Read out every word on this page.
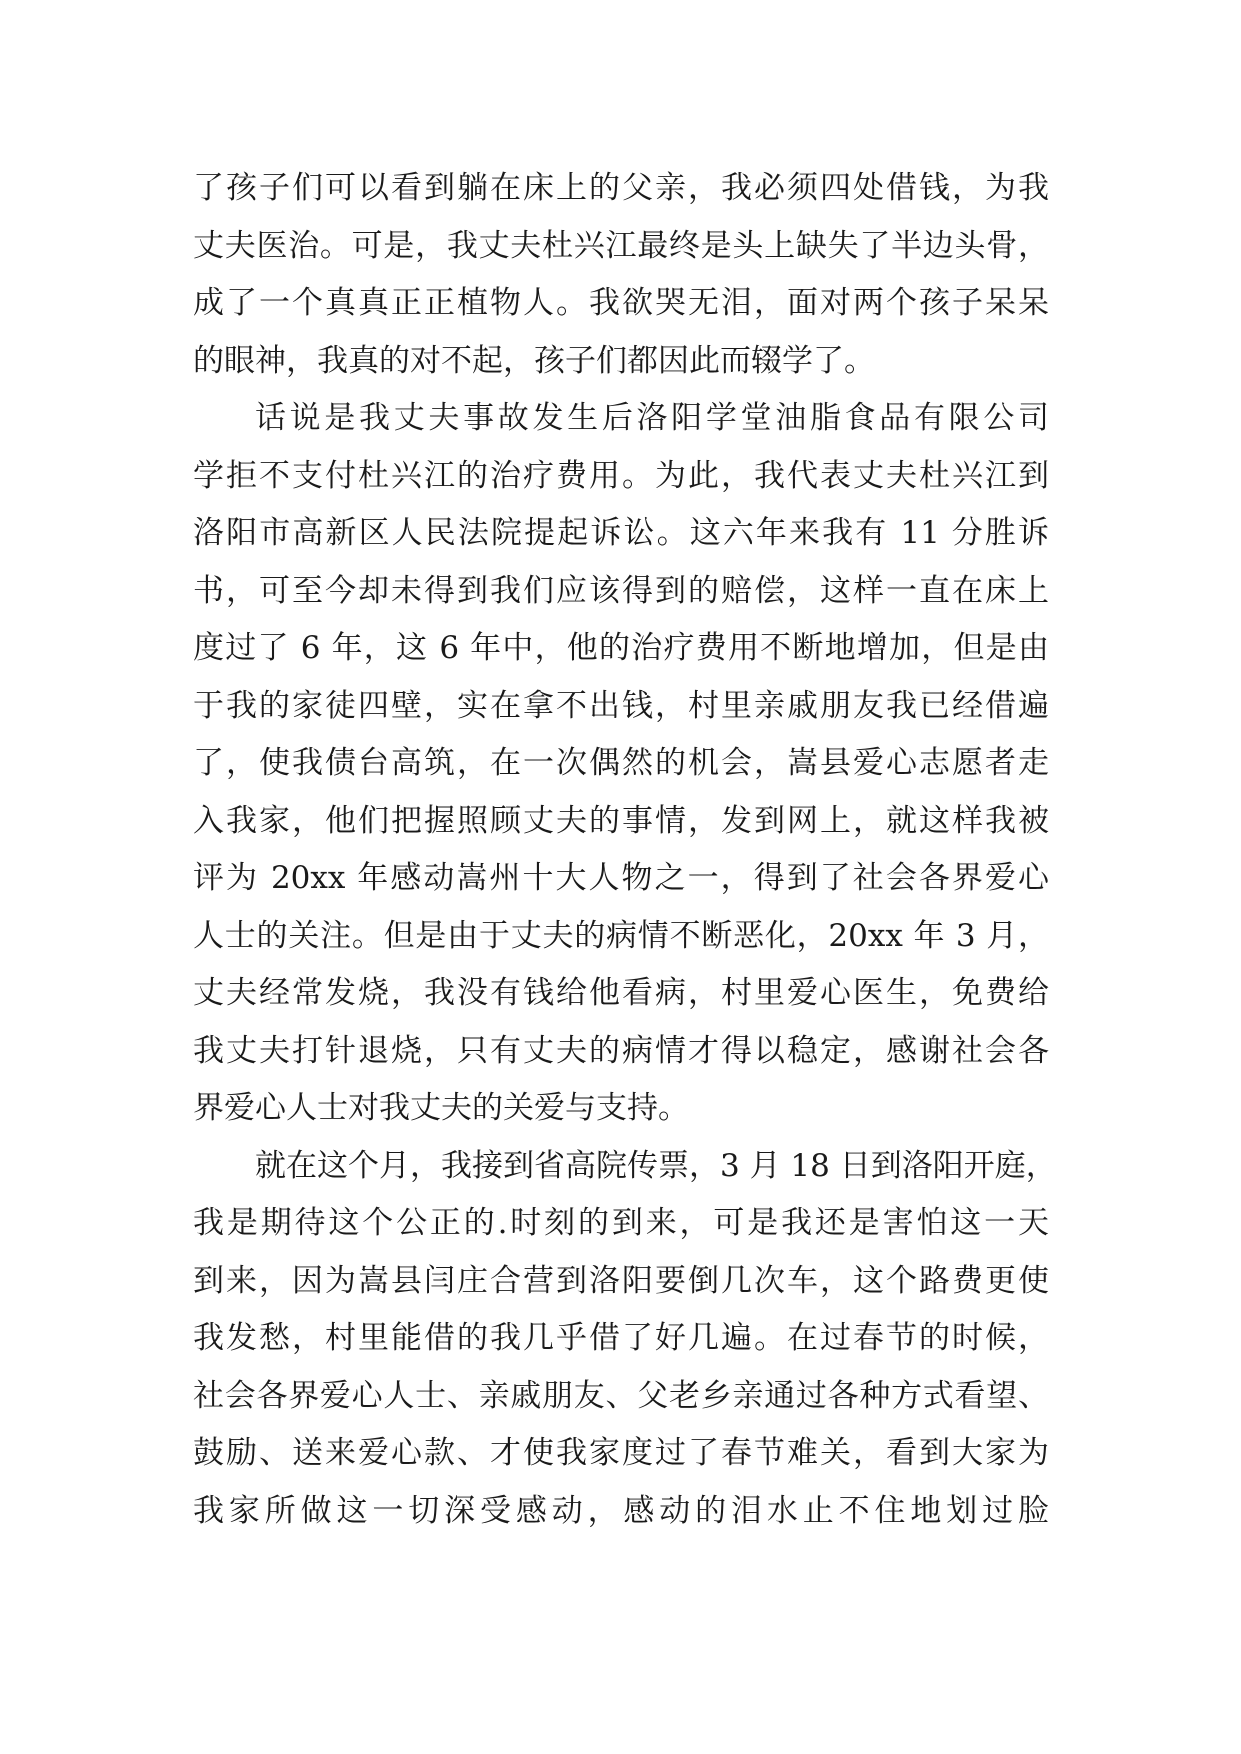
了孩子们可以看到躺在床上的父亲，我必须四处借钱，为我
丈夫医治。可是，我丈夫杜兴江最终是头上缺失了半边头骨，
成了一个真真正正植物人。我欲哭无泪，面对两个孩子呆呆
的眼神，我真的对不起，孩子们都因此而辍学了。
话说是我丈夫事故发生后洛阳学堂油脂食品有限公司
学拒不支付杜兴江的治疗费用。为此，我代表丈夫杜兴江到
洛阳市高新区人民法院提起诉讼。这六年来我有 11 分胜诉
书，可至今却未得到我们应该得到的赔偿，这样一直在床上
度过了 6 年，这 6 年中，他的治疗费用不断地增加，但是由
于我的家徒四壁，实在拿不出钱，村里亲戚朋友我已经借遍
了，使我债台高筑，在一次偶然的机会，嵩县爱心志愿者走
入我家，他们把握照顾丈夫的事情，发到网上，就这样我被
评为 20xx 年感动嵩州十大人物之一，得到了社会各界爱心
人士的关注。但是由于丈夫的病情不断恶化，20xx 年 3 月，
丈夫经常发烧，我没有钱给他看病，村里爱心医生，免费给
我丈夫打针退烧，只有丈夫的病情才得以稳定，感谢社会各
界爱心人士对我丈夫的关爱与支持。
就在这个月，我接到省高院传票，3 月 18 日到洛阳开庭，
我是期待这个公正的.时刻的到来，可是我还是害怕这一天
到来，因为嵩县闫庄合营到洛阳要倒几次车，这个路费更使
我发愁，村里能借的我几乎借了好几遍。在过春节的时候，
社会各界爱心人士、亲戚朋友、父老乡亲通过各种方式看望、
鼓励、送来爱心款、才使我家度过了春节难关，看到大家为
我家所做这一切深受感动，感动的泪水止不住地划过脸
